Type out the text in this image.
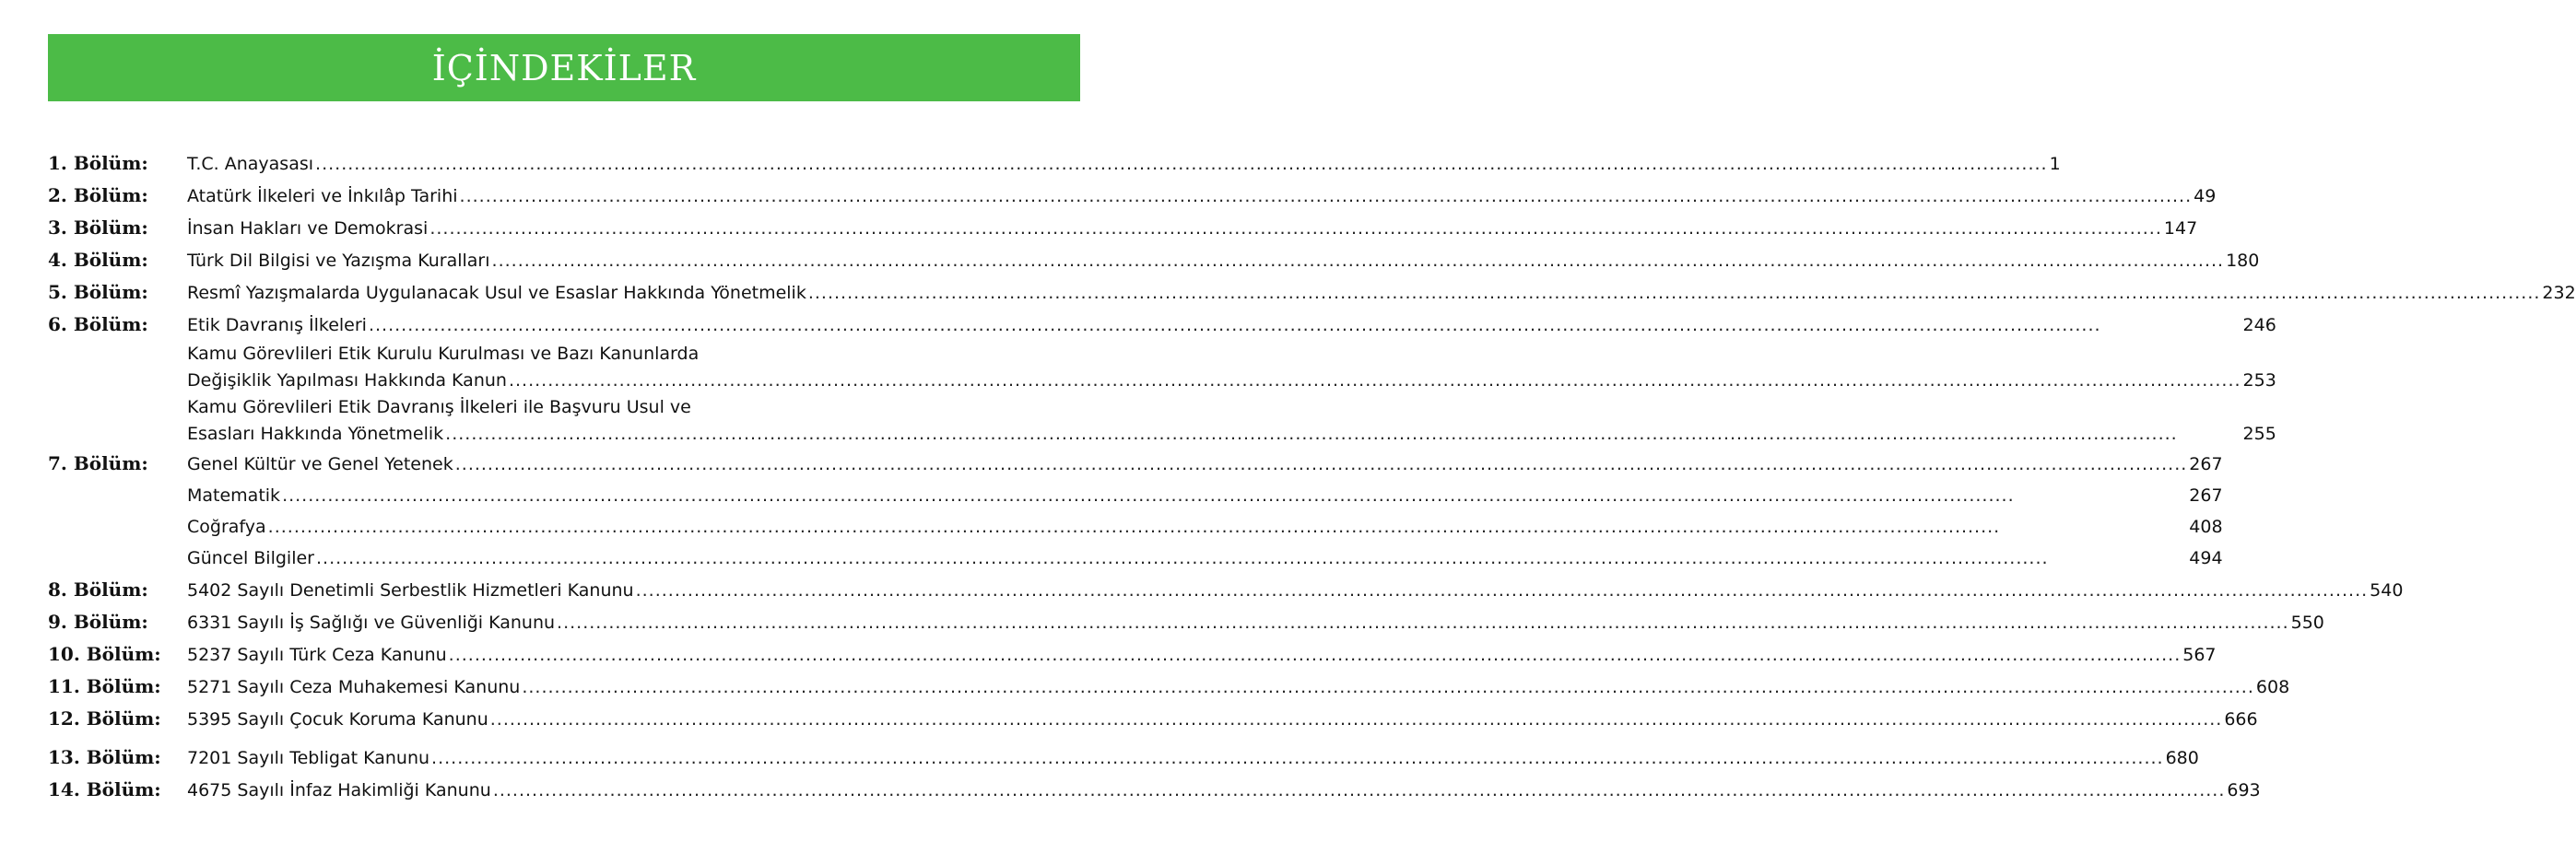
İÇİNDEKİLER
1. Bölüm:	T.C. Anayasası .....	1
2. Bölüm:	Atatürk İlkeleri ve İnkılâp Tarihi .....	49
3. Bölüm:	İnsan Hakları ve Demokrasi .....	147
4. Bölüm:	Türk Dil Bilgisi ve Yazışma Kuralları .....	180
5. Bölüm:	Resmî Yazışmalarda Uygulanacak Usul ve Esaslar Hakkında Yönetmelik .....	232
6. Bölüm:	Etik Davranış İlkeleri .....	246
Kamu Görevlileri Etik Kurulu Kurulması ve Bazı Kanunlarda
Değişiklik Yapılması Hakkında Kanun .....	253
Kamu Görevlileri Etik Davranış İlkeleri ile Başvuru Usul ve
Esasları Hakkında Yönetmelik .....	255
7. Bölüm:	Genel Kültür ve Genel Yetenek .....	267
Matematik .....	267
Coğrafya .....	408
Güncel Bilgiler .....	494
8. Bölüm:	5402 Sayılı Denetimli Serbestlik Hizmetleri Kanunu .....	540
9. Bölüm:	6331 Sayılı İş Sağlığı ve Güvenliği Kanunu .....	550
10. Bölüm:	5237 Sayılı Türk Ceza Kanunu .....	567
11. Bölüm:	5271 Sayılı Ceza Muhakemesi Kanunu .....	608
12. Bölüm:	5395 Sayılı Çocuk Koruma Kanunu .....	666
13. Bölüm:	7201 Sayılı Tebligat Kanunu .....	680
14. Bölüm:	4675 Sayılı İnfaz Hakimliği Kanunu .....	693
